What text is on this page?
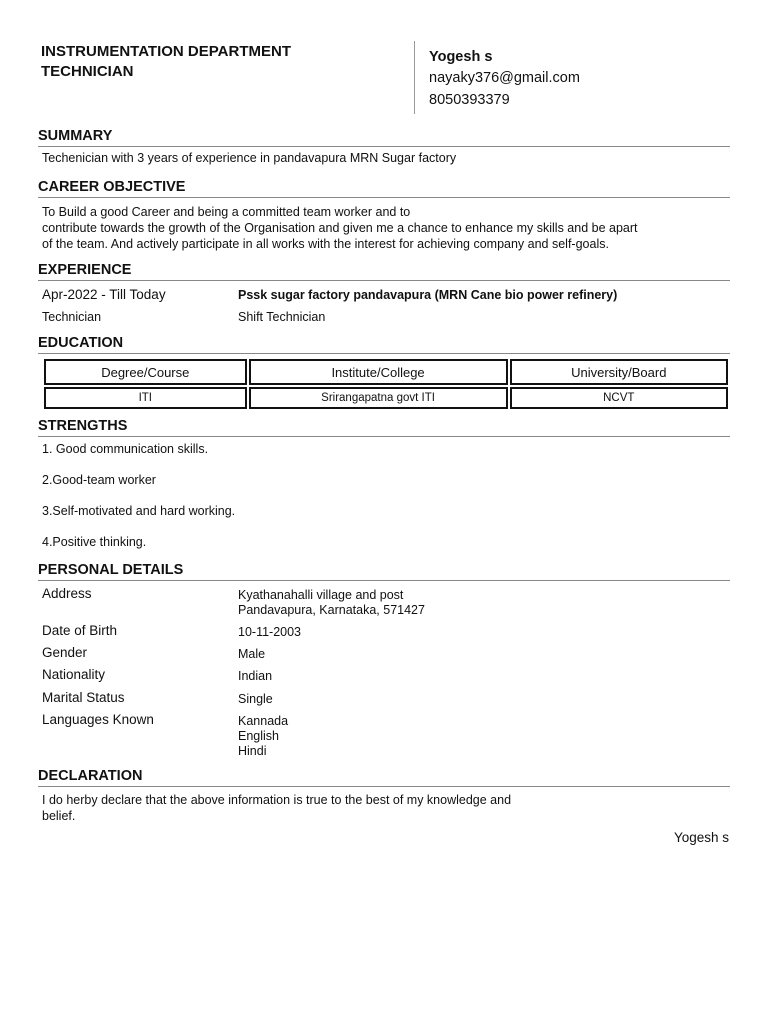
INSTRUMENTATION DEPARTMENT
TECHNICIAN
Yogesh s
nayaky376@gmail.com
8050393379
SUMMARY
Techenician with 3 years of experience in pandavapura MRN Sugar factory
CAREER OBJECTIVE
To Build a good Career and being a committed team worker and to
contribute towards the growth of the Organisation and given me a chance to enhance my skills and be apart
of the team. And actively participate in all works with the interest for achieving company and self-goals.
EXPERIENCE
Apr-2022 - Till Today	Pssk sugar factory pandavapura (MRN Cane bio power refinery)
Technician	Shift Technician
EDUCATION
Degree/Course	Institute/College	University/Board
ITI	Srirangapatna govt ITI	NCVT
STRENGTHS
1. Good communication skills.
2.Good-team worker
3.Self-motivated and hard working.
4.Positive thinking.
PERSONAL DETAILS
Address	Kyathanahalli village and post
Pandavapura, Karnataka, 571427
Date of Birth	10-11-2003
Gender	Male
Nationality	Indian
Marital Status	Single
Languages Known	Kannada
English
Hindi
DECLARATION
I do herby declare that the above information is true to the best of my knowledge and
belief.
Yogesh s
